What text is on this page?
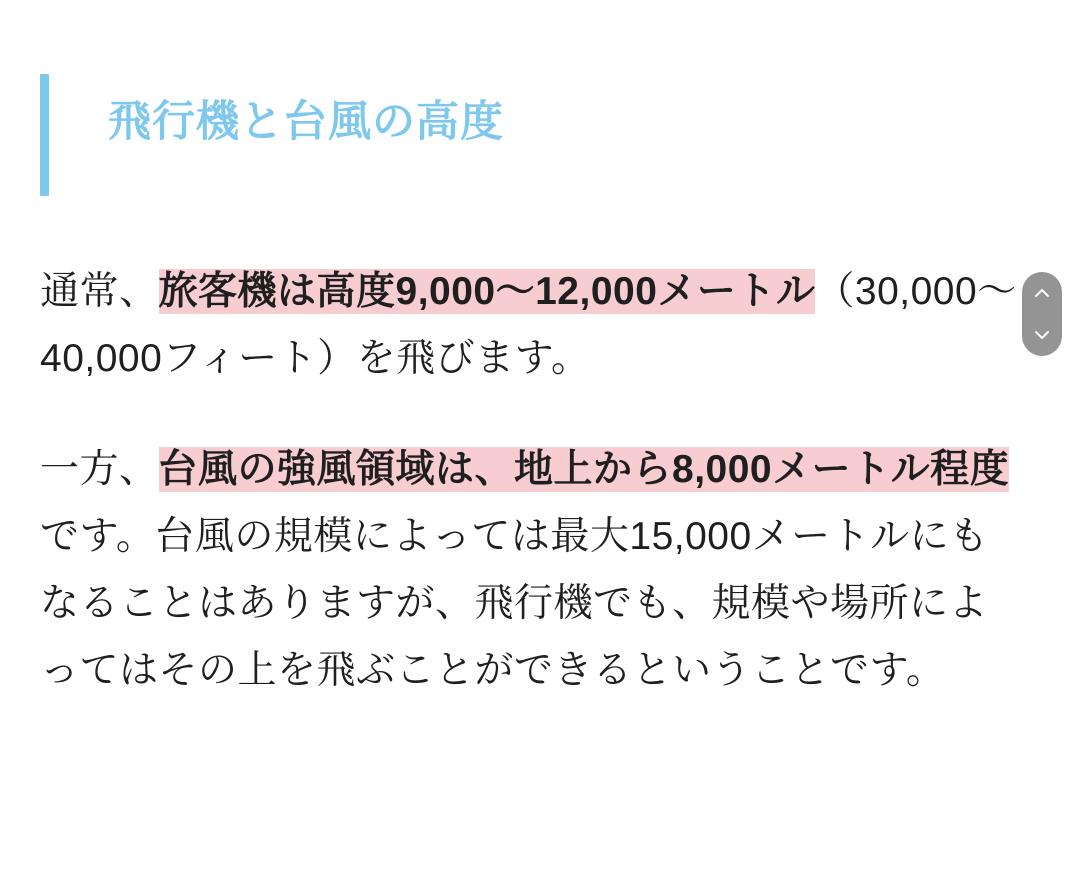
飛行機と台風の高度

通常、旅客機は高度9,000〜12,000メートル（30,000〜40,000フィート）を飛びます。

一方、台風の強風領域は、地上から8,000メートル程度です。台風の規模によっては最大15,000メートルにもなることはありますが、飛行機でも、規模や場所によってはその上を飛ぶことができるということです。
